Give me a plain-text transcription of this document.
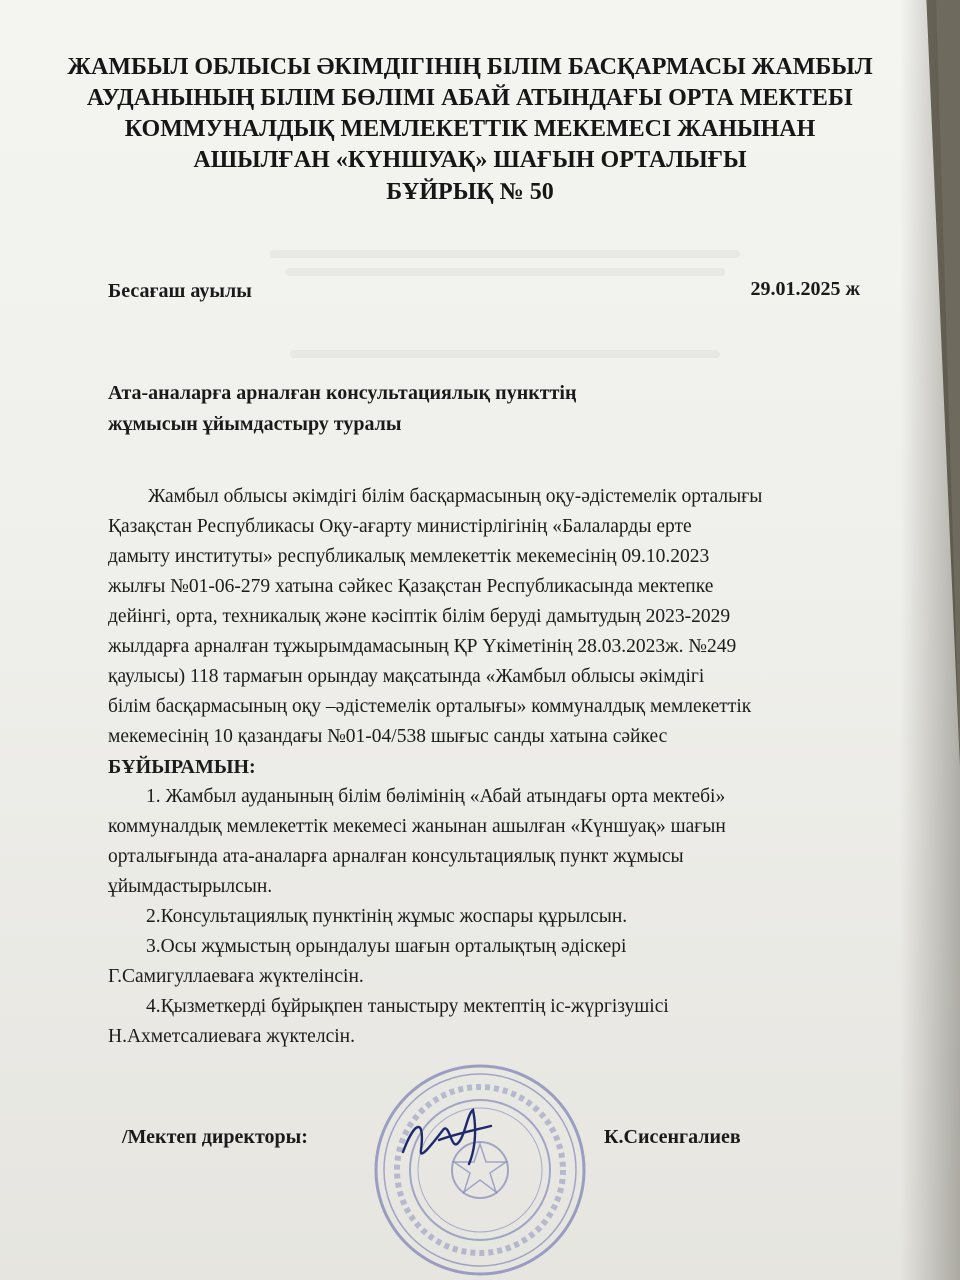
ЖАМБЫЛ ОБЛЫСЫ ӘКІМДІГІНІҢ БІЛІМ БАСҚАРМАСЫ ЖАМБЫЛ
АУДАНЫНЫҢ БІЛІМ БӨЛІМІ АБАЙ АТЫНДАҒЫ ОРТА МЕКТЕБІ
КОММУНАЛДЫҚ МЕМЛЕКЕТТІК МЕКЕМЕСІ ЖАНЫНАН
АШЫЛҒАН «КҮНШУАҚ» ШАҒЫН ОРТАЛЫҒЫ
БҰЙРЫҚ № 50
Бесағаш ауылы	29.01.2025 ж
Ата-аналарға арналған консультациялық пункттің
жұмысын ұйымдастыру туралы
Жамбыл облысы әкімдігі білім басқармасының оқу-әдістемелік орталығы
Қазақстан Республикасы Оқу-ағарту министірлігінің «Балаларды ерте
дамыту институты» республикалық мемлекеттік мекемесінің 09.10.2023
жылғы №01-06-279 хатына сәйкес Қазақстан Республикасында мектепке
дейінгі, орта, техникалық және кәсіптік білім беруді дамытудың 2023-2029
жылдарға арналған тұжырымдамасының ҚР Үкіметінің 28.03.2023ж. №249
қаулысы) 118 тармағын орындау мақсатында «Жамбыл облысы әкімдігі
білім басқармасының оқу –әдістемелік орталығы» коммуналдық мемлекеттік
мекемесінің 10 қазандағы №01-04/538 шығыс санды хатына сәйкес
БҰЙЫРАМЫН:
1. Жамбыл ауданының білім бөлімінің «Абай атындағы орта мектебі»
коммуналдық мемлекеттік мекемесі жанынан ашылған «Күншуақ» шағын
орталығында ата-аналарға арналған консультациялық пункт жұмысы
ұйымдастырылсын.
2.Консультациялық пунктінің жұмыс жоспары құрылсын.
3.Осы жұмыстың орындалуы шағын орталықтың әдіскері
Г.Самигуллаеваға жүктелінсін.
4.Қызметкерді бұйрықпен таныстыру мектептің іс-жүргізушісі
Н.Ахметсалиеваға жүктелсін.
/Мектеп директоры:	К.Сисенгалиев
